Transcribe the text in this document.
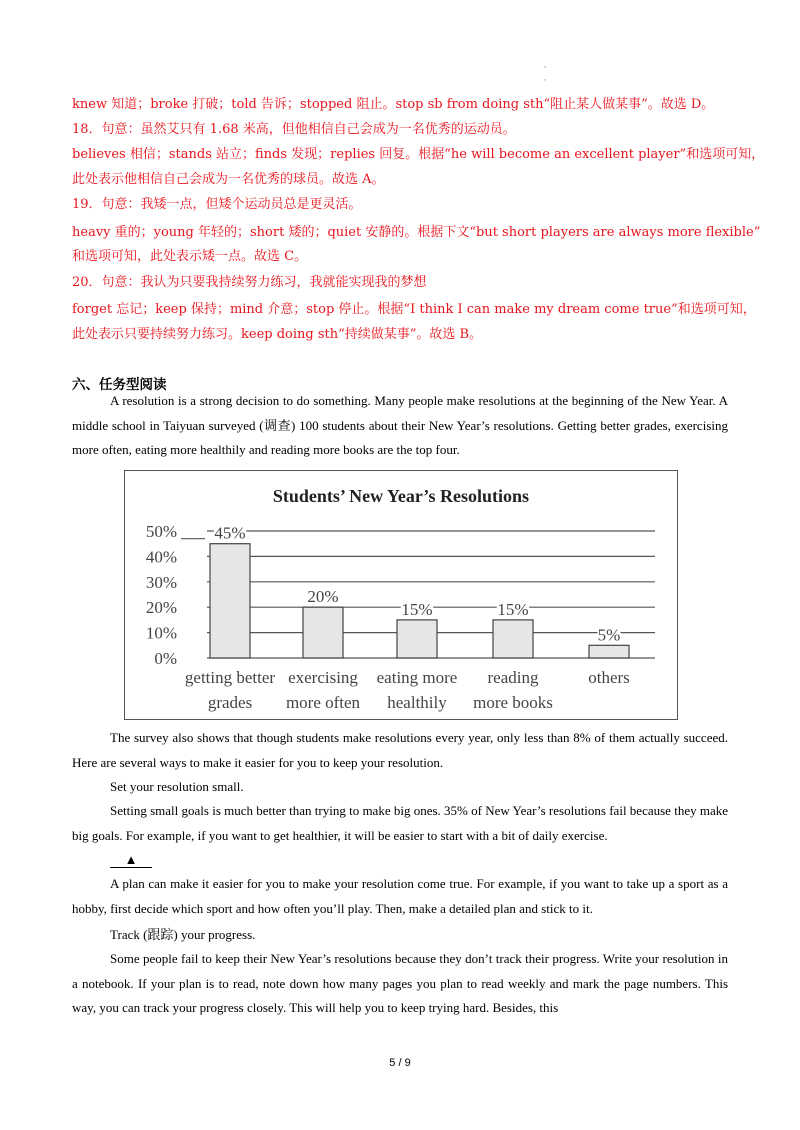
· ·
knew 知道；broke 打破；told 告诉；stopped 阻止。stop sb from doing sth“阻止某人做某事”。故选 D。
18．句意：虽然艾只有 1.68 米高，但他相信自己会成为一名优秀的运动员。
believes 相信；stands 站立；finds 发现；replies 回复。根据“he will become an excellent player”和选项可知，
此处表示他相信自己会成为一名优秀的球员。故选 A。
19．句意：我矮一点，但矮个运动员总是更灵活。
heavy 重的；young 年轻的；short 矮的；quiet 安静的。根据下文“but short players are always more flexible”
和选项可知，此处表示矮一点。故选 C。
20．句意：我认为只要我持续努力练习，我就能实现我的梦想
forget 忘记；keep 保持；mind 介意；stop 停止。根据“I think I can make my dream come true”和选项可知，
此处表示只要持续努力练习。keep doing sth“持续做某事”。故选 B。
六、任务型阅读
A resolution is a strong decision to do something. Many people make resolutions at the beginning of the New Year. A middle school in Taiyuan surveyed (调查) 100 students about their New Year’s resolutions. Getting better grades, exercising more often, eating more healthily and reading more books are the top four.
Students’ New Year’s Resolutions
0%
10%
20%
30%
40%
50% 45%
getting better
grades
20%
exercising
more often
15%
eating more
healthily
15%
reading
more books
5%
others
The survey also shows that though students make resolutions every year, only less than 8% of them actually succeed. Here are several ways to make it easier for you to keep your resolution.
Set your resolution small.
Setting small goals is much better than trying to make big ones. 35% of New Year’s resolutions fail because they make big goals. For example, if you want to get healthier, it will be easier to start with a bit of daily exercise.
▲
A plan can make it easier for you to make your resolution come true. For example, if you want to take up a sport as a hobby, first decide which sport and how often you’ll play. Then, make a detailed plan and stick to it.
Track (跟踪) your progress.
Some people fail to keep their New Year’s resolutions because they don’t track their progress. Write your resolution in a notebook. If your plan is to read, note down how many pages you plan to read weekly and mark the page numbers. This way, you can track your progress closely. This will help you to keep trying hard. Besides, this
5 / 9
